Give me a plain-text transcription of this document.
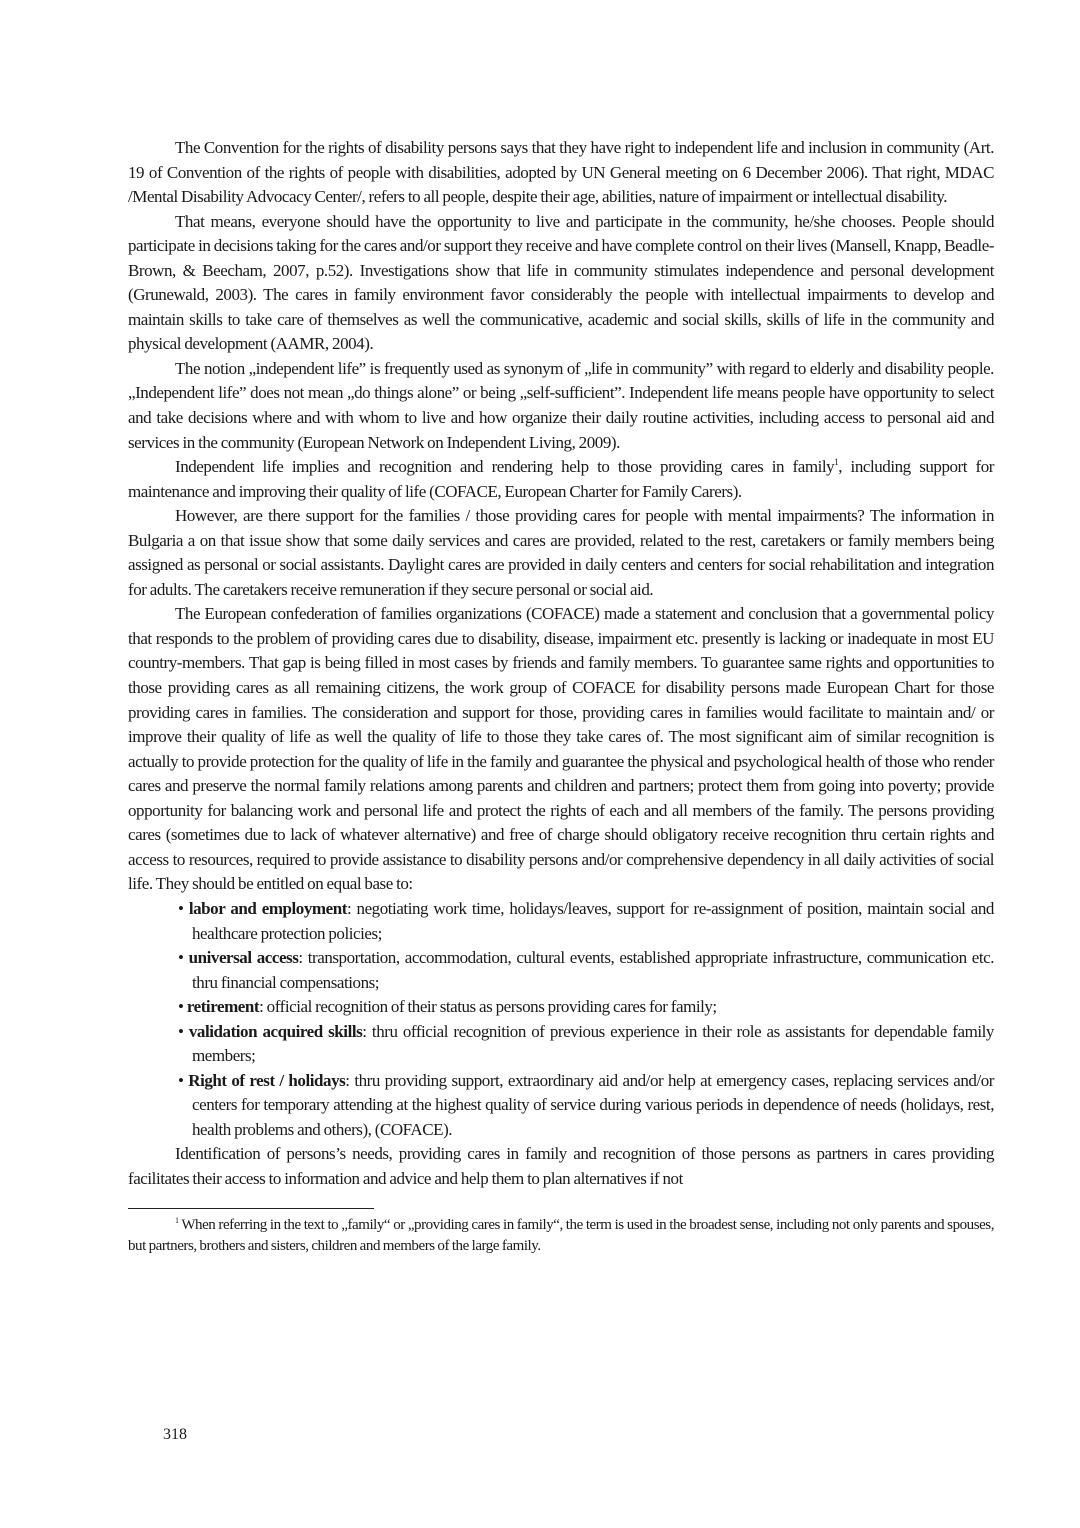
The Convention for the rights of disability persons says that they have right to independent life and inclusion in community (Art. 19 of Convention of the rights of people with disabilities, adopted by UN General meeting on 6 December 2006). That right, MDAC /Mental Disability Advocacy Center/, refers to all people, despite their age, abilities, nature of impairment or intellectual disability.

That means, everyone should have the opportunity to live and participate in the community, he/she chooses. People should participate in decisions taking for the cares and/or support they receive and have complete control on their lives (Mansell, Knapp, Beadle-Brown, & Beecham, 2007, p.52). Investigations show that life in community stimulates independence and personal development (Grunewald, 2003). The cares in family environment favor considerably the people with intellectual impairments to develop and maintain skills to take care of themselves as well the communicative, academic and social skills, skills of life in the community and physical development (AAMR, 2004).

The notion „independent life” is frequently used as synonym of „life in community” with regard to elderly and disability people. „Independent life” does not mean „do things alone” or being „self-sufficient”. Independent life means people have opportunity to select and take decisions where and with whom to live and how organize their daily routine activities, including access to personal aid and services in the community (European Network on Independent Living, 2009).

Independent life implies and recognition and rendering help to those providing cares in family$^1$, including support for maintenance and improving their quality of life (COFACE, European Charter for Family Carers).

However, are there support for the families / those providing cares for people with mental impairments? The information in Bulgaria a on that issue show that some daily services and cares are provided, related to the rest, caretakers or family members being assigned as personal or social assistants. Daylight cares are provided in daily centers and centers for social rehabilitation and integration for adults. The caretakers receive remuneration if they secure personal or social aid.

The European confederation of families organizations (COFACE) made a statement and conclusion that a governmental policy that responds to the problem of providing cares due to disability, disease, impairment etc. presently is lacking or inadequate in most EU country-members. That gap is being filled in most cases by friends and family members. To guarantee same rights and opportunities to those providing cares as all remaining citizens, the work group of COFACE for disability persons made European Chart for those providing cares in families. The consideration and support for those, providing cares in families would facilitate to maintain and/ or improve their quality of life as well the quality of life to those they take cares of. The most significant aim of similar recognition is actually to provide protection for the quality of life in the family and guarantee the physical and psychological health of those who render cares and preserve the normal family relations among parents and children and partners; protect them from going into poverty; provide opportunity for balancing work and personal life and protect the rights of each and all members of the family. The persons providing cares (sometimes due to lack of whatever alternative) and free of charge should obligatory receive recognition thru certain rights and access to resources, required to provide assistance to disability persons and/or comprehensive dependency in all daily activities of social life. They should be entitled on equal base to:

• labor and employment: negotiating work time, holidays/leaves, support for re-assignment of position, maintain social and healthcare protection policies;
• universal access: transportation, accommodation, cultural events, established appropriate infrastructure, communication etc. thru financial compensations;
• retirement: official recognition of their status as persons providing cares for family;
• validation acquired skills: thru official recognition of previous experience in their role as assistants for dependable family members;
• Right of rest / holidays: thru providing support, extraordinary aid and/or help at emergency cases, replacing services and/or centers for temporary attending at the highest quality of service during various periods in dependence of needs (holidays, rest, health problems and others), (COFACE).

Identification of persons’s needs, providing cares in family and recognition of those persons as partners in cares providing facilitates their access to information and advice and help them to plan alternatives if not

$^1$ When referring in the text to „family“ or „providing cares in family“, the term is used in the broadest sense, including not only parents and spouses, but partners, brothers and sisters, children and members of the large family.
318
